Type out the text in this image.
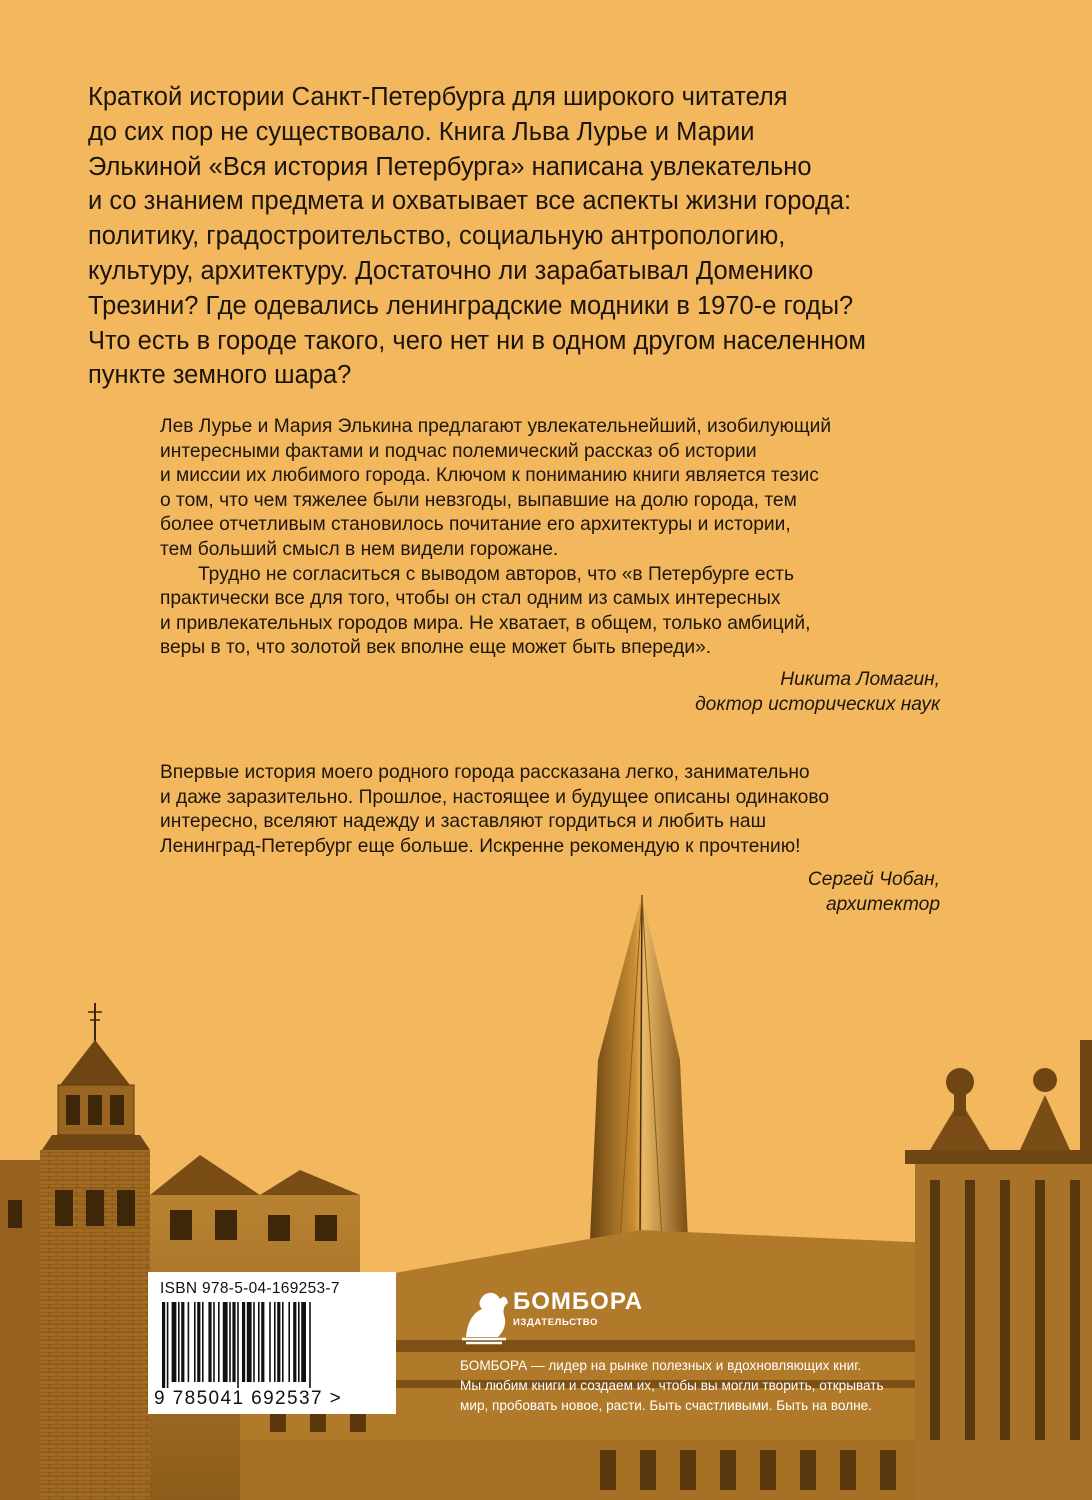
Краткой истории Санкт-Петербурга для широкого читателя
до сих пор не существовало. Книга Льва Лурье и Марии
Элькиной «Вся история Петербурга» написана увлекательно
и со знанием предмета и охватывает все аспекты жизни города:
политику, градостроительство, социальную антропологию,
культуру, архитектуру. Достаточно ли зарабатывал Доменико
Трезини? Где одевались ленинградские модники в 1970-е годы?
Что есть в городе такого, чего нет ни в одном другом населенном
пункте земного шара?

Лев Лурье и Мария Элькина предлагают увлекательнейший, изобилующий
интересными фактами и подчас полемический рассказ об истории
и миссии их любимого города. Ключом к пониманию книги является тезис
о том, что чем тяжелее были невзгоды, выпавшие на долю города, тем
более отчетливым становилось почитание его архитектуры и истории,
тем больший смысл в нем видели горожане.

Трудно не согласиться с выводом авторов, что «в Петербурге есть
практически все для того, чтобы он стал одним из самых интересных
и привлекательных городов мира. Не хватает, в общем, только амбиций,
веры в то, что золотой век вполне еще может быть впереди».

Никита Ломагин,
доктор исторических наук

Впервые история моего родного города рассказана легко, занимательно
и даже заразительно. Прошлое, настоящее и будущее описаны одинаково
интересно, вселяют надежду и заставляют гордиться и любить наш
Ленинград-Петербург еще больше. Искренне рекомендую к прочтению!

Сергей Чобан,
архитектор
ISBN 978-5-04-169253-7
9 785041 692537 >
БОМБОРА
ИЗДАТЕЛЬСТВО
БОМБОРА — лидер на рынке полезных и вдохновляющих книг.
Мы любим книги и создаем их, чтобы вы могли творить, открывать
мир, пробовать новое, расти. Быть счастливыми. Быть на волне.
